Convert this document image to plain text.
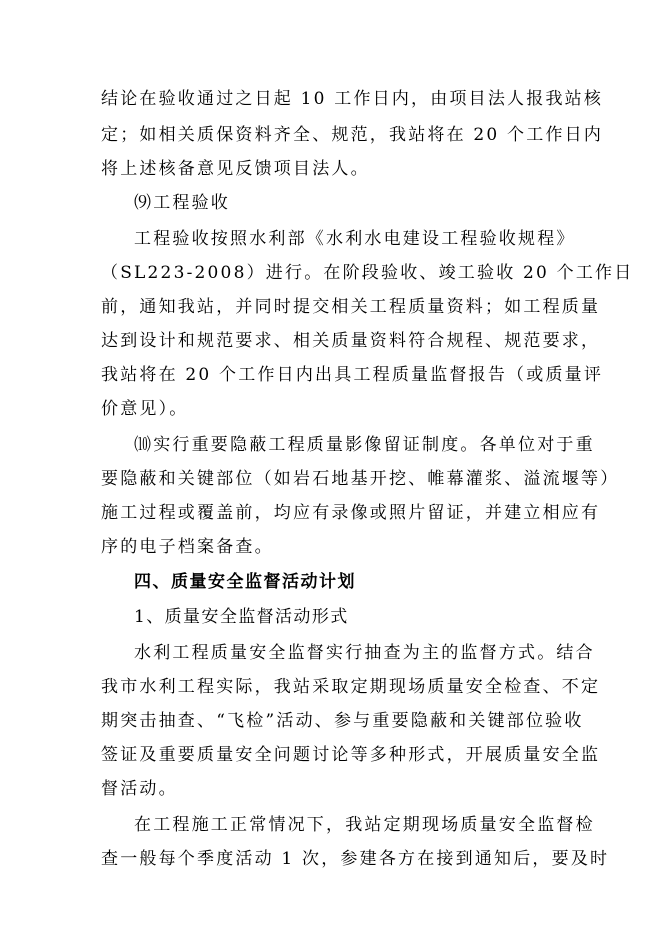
结论在验收通过之日起 10 工作日内，由项目法人报我站核
定；如相关质保资料齐全、规范，我站将在 20 个工作日内
将上述核备意见反馈项目法人。
⑼工程验收
工程验收按照水利部《水利水电建设工程验收规程》
（SL223-2008）进行。在阶段验收、竣工验收 20 个工作日
前，通知我站，并同时提交相关工程质量资料；如工程质量
达到设计和规范要求、相关质量资料符合规程、规范要求，
我站将在 20 个工作日内出具工程质量监督报告（或质量评
价意见）。
⑽实行重要隐蔽工程质量影像留证制度。各单位对于重
要隐蔽和关键部位（如岩石地基开挖、帷幕灌浆、溢流堰等）
施工过程或覆盖前，均应有录像或照片留证，并建立相应有
序的电子档案备查。
四、质量安全监督活动计划
1、质量安全监督活动形式
水利工程质量安全监督实行抽查为主的监督方式。结合
我市水利工程实际，我站采取定期现场质量安全检查、不定
期突击抽查、“飞检”活动、参与重要隐蔽和关键部位验收
签证及重要质量安全问题讨论等多种形式，开展质量安全监
督活动。
在工程施工正常情况下，我站定期现场质量安全监督检
查一般每个季度活动 1 次，参建各方在接到通知后，要及时
